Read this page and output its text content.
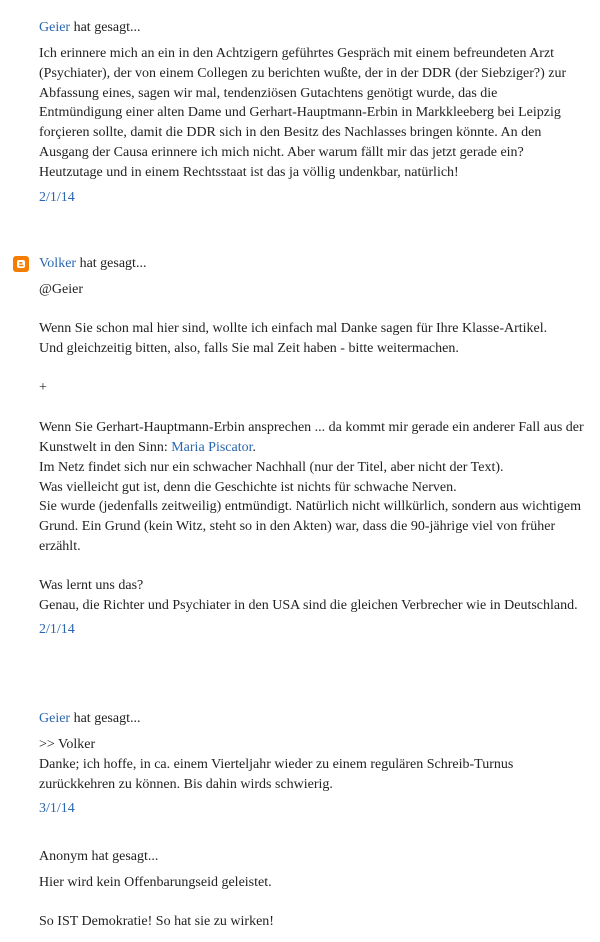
Geier hat gesagt...

Ich erinnere mich an ein in den Achtzigern geführtes Gespräch mit einem befreundeten Arzt (Psychiater), der von einem Collegen zu berichten wußte, der in der DDR (der Siebziger?) zur Abfassung eines, sagen wir mal, tendenziösen Gutachtens genötigt wurde, das die Entmündigung einer alten Dame und Gerhart-Hauptmann-Erbin in Markkleeberg bei Leipzig forçieren sollte, damit die DDR sich in den Besitz des Nachlasses bringen könnte. An den Ausgang der Causa erinnere ich mich nicht. Aber warum fällt mir das jetzt gerade ein? Heutzutage und in einem Rechtsstaat ist das ja völlig undenkbar, natürlich!

2/1/14
Volker hat gesagt...

@Geier

Wenn Sie schon mal hier sind, wollte ich einfach mal Danke sagen für Ihre Klasse-Artikel.

Und gleichzeitig bitten, also, falls Sie mal Zeit haben - bitte weitermachen.

+

Wenn Sie Gerhart-Hauptmann-Erbin ansprechen ... da kommt mir gerade ein anderer Fall aus der Kunstwelt in den Sinn: Maria Piscator.

Im Netz findet sich nur ein schwacher Nachhall (nur der Titel, aber nicht der Text).

Was vielleicht gut ist, denn die Geschichte ist nichts für schwache Nerven.

Sie wurde (jedenfalls zeitweilig) entmündigt. Natürlich nicht willkürlich, sondern aus wichtigem Grund. Ein Grund (kein Witz, steht so in den Akten) war, dass die 90-jährige viel von früher erzählt.

Was lernt uns das?

Genau, die Richter und Psychiater in den USA sind die gleichen Verbrecher wie in Deutschland.

2/1/14
Geier hat gesagt...

>> Volker

Danke; ich hoffe, in ca. einem Vierteljahr wieder zu einem regulären Schreib-Turnus zurückkehren zu können. Bis dahin wirds schwierig.

3/1/14
Anonym hat gesagt...

Hier wird kein Offenbarungseid geleistet.

So IST Demokratie! So hat sie zu wirken!
